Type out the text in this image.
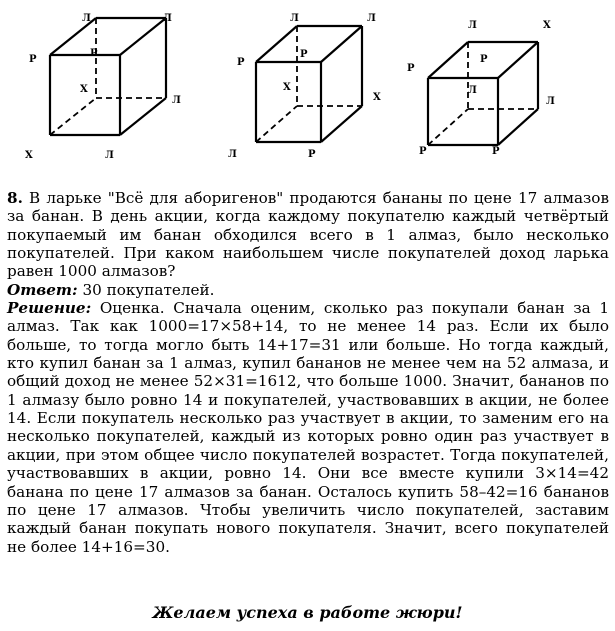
Р
Л
Р
Л
Х
Л
Х	Л
Р
Л
Р
Л
Х
Х
Л	Р
Р
Л
Р
Х
Л
Л
Р	Р

8. В ларьке "Всё для аборигенов" продаются бананы по цене 17 алмазов за банан. В день акции, когда каждому покупателю каждый четвёртый покупаемый им банан обходился всего в 1 алмаз, было несколько покупателей. При каком наибольшем числе покупателей доход ларька равен 1000 алмазов?

Ответ: 30 покупателей.

Решение: Оценка. Сначала оценим, сколько раз покупали банан за 1 алмаз. Так как 1000=17×58+14, то не менее 14 раз. Если их было больше, то тогда могло быть 14+17=31 или больше. Но тогда каждый, кто купил банан за 1 алмаз, купил бананов не менее чем на 52 алмаза, и общий доход не менее 52×31=1612, что больше 1000. Значит, бананов по 1 алмазу было ровно 14 и покупателей, участвовавших в акции, не более 14. Если покупатель несколько раз участвует в акции, то заменим его на несколько покупателей, каждый из которых ровно один раз участвует в акции, при этом общее число покупателей возрастет. Тогда покупателей, участвовавших в акции, ровно 14. Они все вместе купили 3×14=42 банана по цене 17 алмазов за банан. Осталось купить 58–42=16 бананов по цене 17 алмазов. Чтобы увеличить число покупателей, заставим каждый банан покупать нового покупателя. Значит, всего покупателей не более 14+16=30.

Желаем успеха в работе жюри!
